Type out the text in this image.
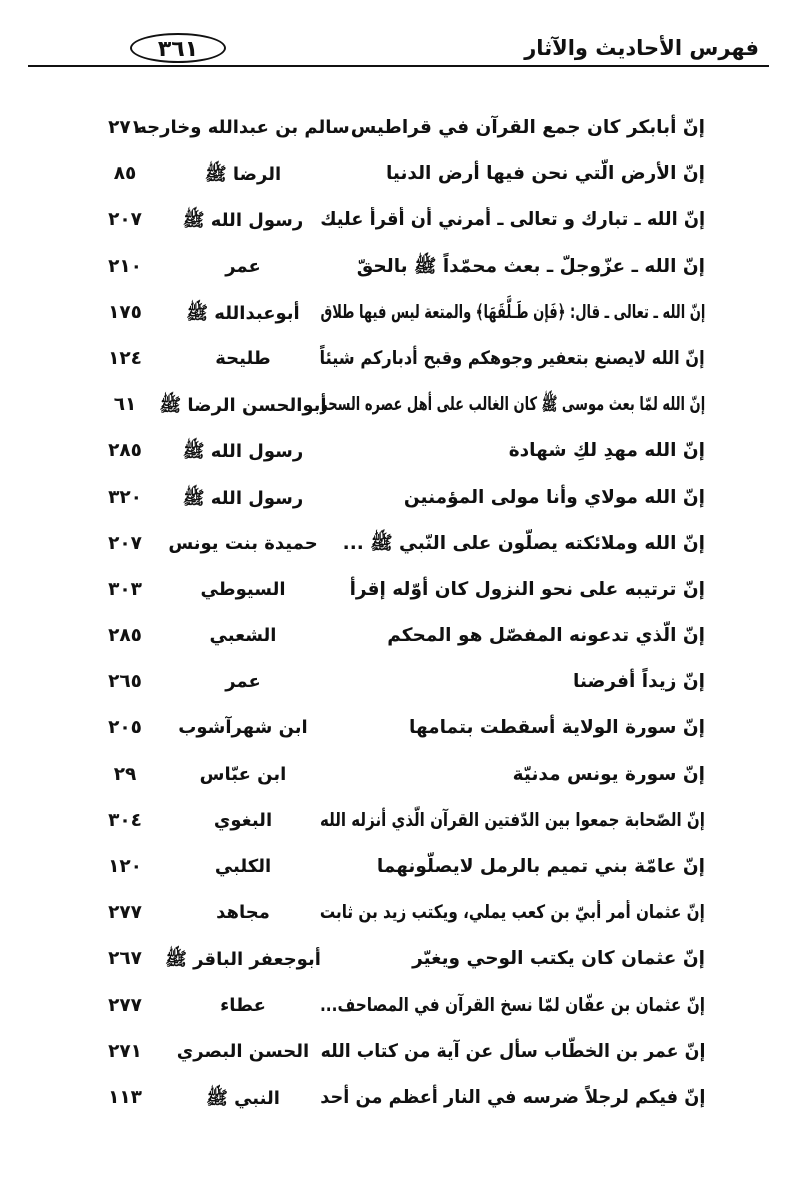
فهرس الأحاديث والآثار
٣٦١
إنّ أبابكر كان جمع القرآن في قراطيس
سالم بن عبدالله وخارجه
٢٧١
إنّ الأرض الّتي نحن فيها أرض الدنيا
الرضا ﷺ
٨٥
إنّ الله ـ تبارك و تعالى ـ أمرني أن أقرأ عليك
رسول الله ﷺ
٢٠٧
إنّ الله ـ عزّوجلّ ـ بعث محمّداً ﷺ بالحقّ
عمر
٢١٠
إنّ الله ـ تعالى ـ قال: ﴿فَإن طَـلَّقَهَا﴾ والمتعة ليس فيها طلاق
أبوعبدالله ﷺ
١٧٥
إنّ الله لايصنع بتعفير وجوهكم وقبح أدباركم شيئاً
طليحة
١٢٤
إنّ الله لمّا بعث موسى ﷺ كان الغالب على أهل عصره السحر
أبوالحسن الرضا ﷺ
٦١
إنّ الله مهدِ لكِ شهادة
رسول الله ﷺ
٢٨٥
إنّ الله مولاي وأنا مولى المؤمنين
رسول الله ﷺ
٣٢٠
إنّ الله وملائكته يصلّون على النّبي ﷺ ...
حميدة بنت يونس
٢٠٧
إنّ ترتيبه على نحو النزول كان أوّله إقرأ
السيوطي
٣٠٣
إنّ الّذي تدعونه المفصّل هو المحكم
الشعبي
٢٨٥
إنّ زيداً أفرضنا
عمر
٢٦٥
إنّ سورة الولاية أسقطت بتمامها
ابن شهرآشوب
٢٠٥
إنّ سورة يونس مدنيّة
ابن عبّاس
٢٩
إنّ الصّحابة جمعوا بين الدّفتين القرآن الّذي أنزله الله
البغوي
٣٠٤
إنّ عامّة بني تميم بالرمل لايصلّونهما
الكلبي
١٢٠
إنّ عثمان أمر أبيّ بن كعب يملي، ويكتب زيد بن ثابت
مجاهد
٢٧٧
إنّ عثمان كان يكتب الوحي ويغيّر
أبوجعفر الباقر ﷺ
٢٦٧
إنّ عثمان بن عفّان لمّا نسخ القرآن في المصاحف...
عطاء
٢٧٧
إنّ عمر بن الخطّاب سأل عن آية من كتاب الله
الحسن البصري
٢٧١
إنّ فيكم لرجلاً ضرسه في النار أعظم من أحد
النبي ﷺ
١١٣
